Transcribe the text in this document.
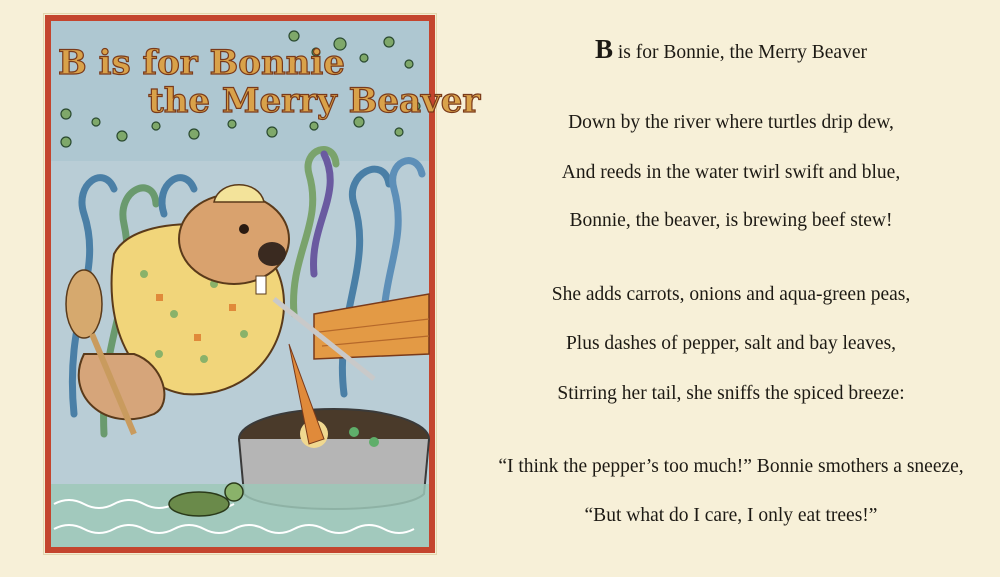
B is for Bonnie
the Merry Beaver
B is for Bonnie, the Merry Beaver
Down by the river where turtles drip dew,
And reeds in the water twirl swift and blue,
Bonnie, the beaver, is brewing beef stew!
She adds carrots, onions and aqua-green peas,
Plus dashes of pepper, salt and bay leaves,
Stirring her tail, she sniffs the spiced breeze:
“I think the pepper’s too much!” Bonnie smothers a sneeze,
“But what do I care, I only eat trees!”
